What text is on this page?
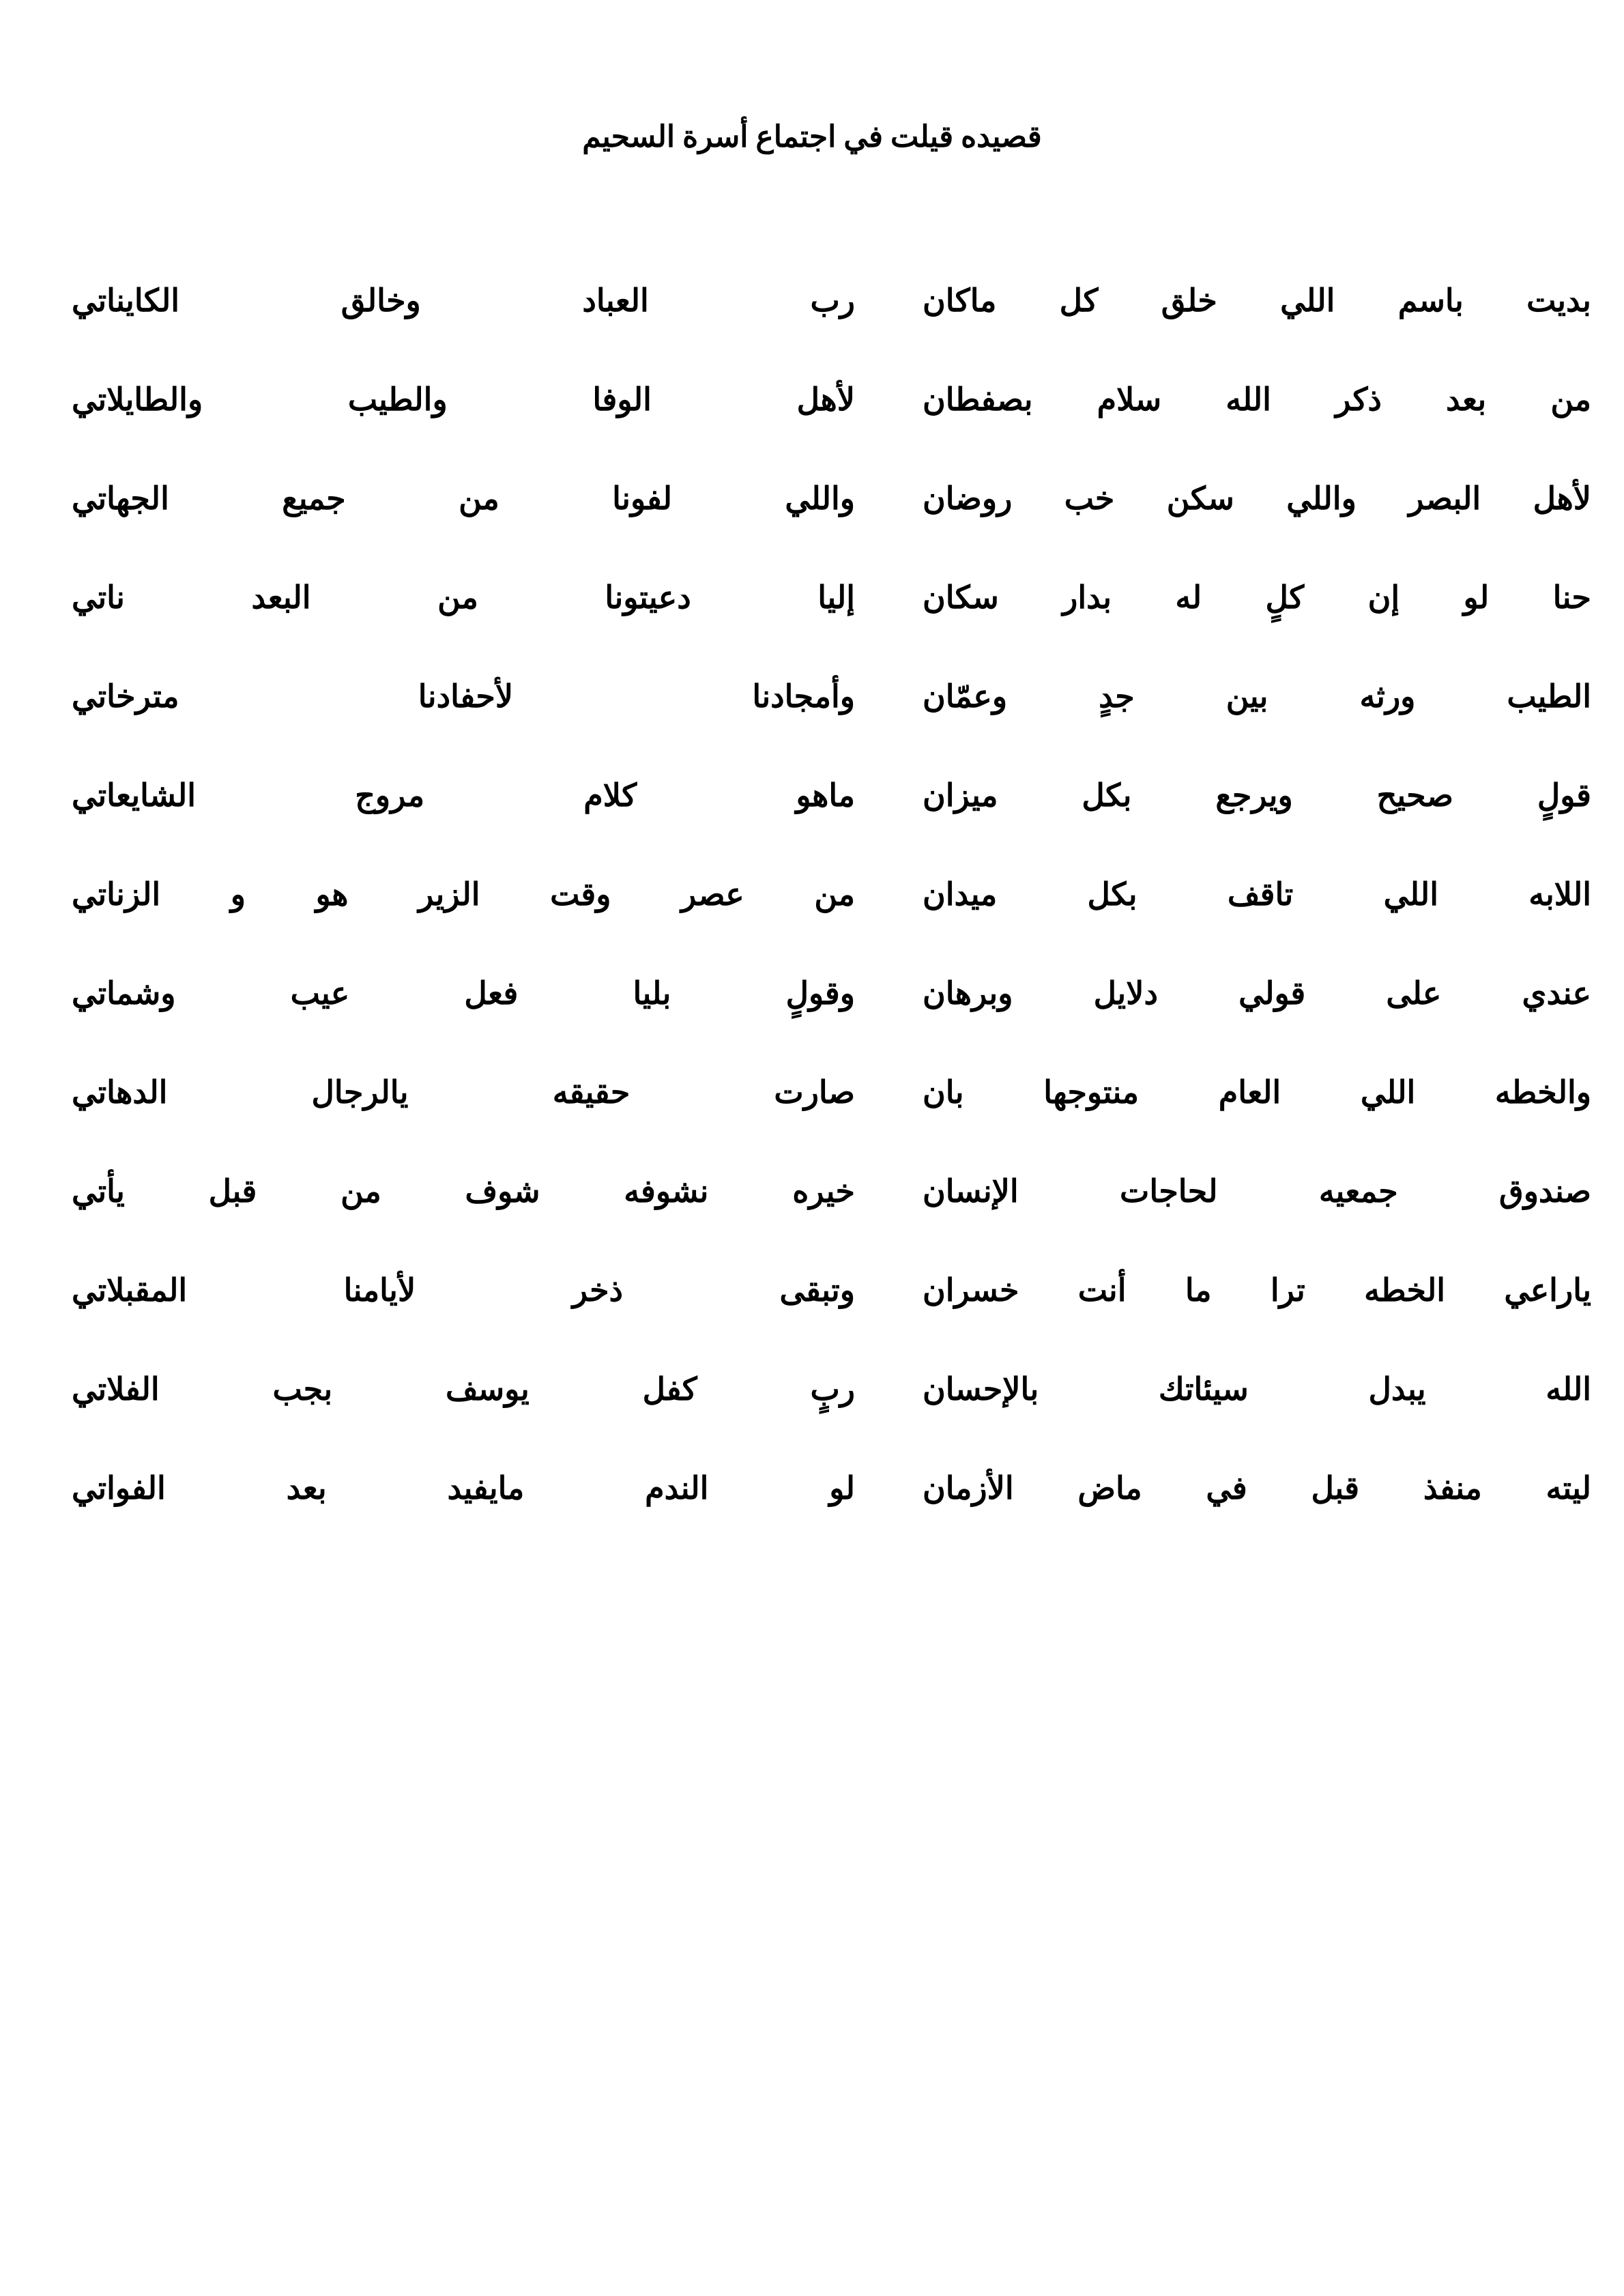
قصيده قيلت في اجتماع أسرة السحيم
بديت باسم اللي خلق كل ماكان
رب العباد وخالق الكايناتي
من بعد ذكر الله سلام بصفطان
لأهل الوفا والطيب والطايلاتي
لأهل البصر واللي سكن خب روضان
واللي لفونا من جميع الجهاتي
حنا لو إن كلٍ له بدار سكان
إليا دعيتونا من البعد ناتي
الطيب ورثه بين جدٍ وعمّان
وأمجادنا لأحفادنا مترخاتي
قولٍ صحيح ويرجع بكل ميزان
ماهو كلام مروج الشايعاتي
اللابه اللي تاقف بكل ميدان
من عصر وقت الزير هو و الزناتي
عندي على قولي دلايل وبرهان
وقولٍ بليا فعل عيب وشماتي
والخطه اللي العام منتوجها بان
صارت حقيقه يالرجال الدهاتي
صندوق جمعيه لحاجات الإنسان
خيره نشوفه شوف من قبل يأتي
ياراعي الخطه ترا ما أنت خسران
وتبقى ذخر لأيامنا المقبلاتي
الله يبدل سيئاتك بالإحسان
ربٍ كفل يوسف بجب الفلاتي
ليته منفذ قبل في ماض الأزمان
لو الندم مايفيد بعد الفواتي
